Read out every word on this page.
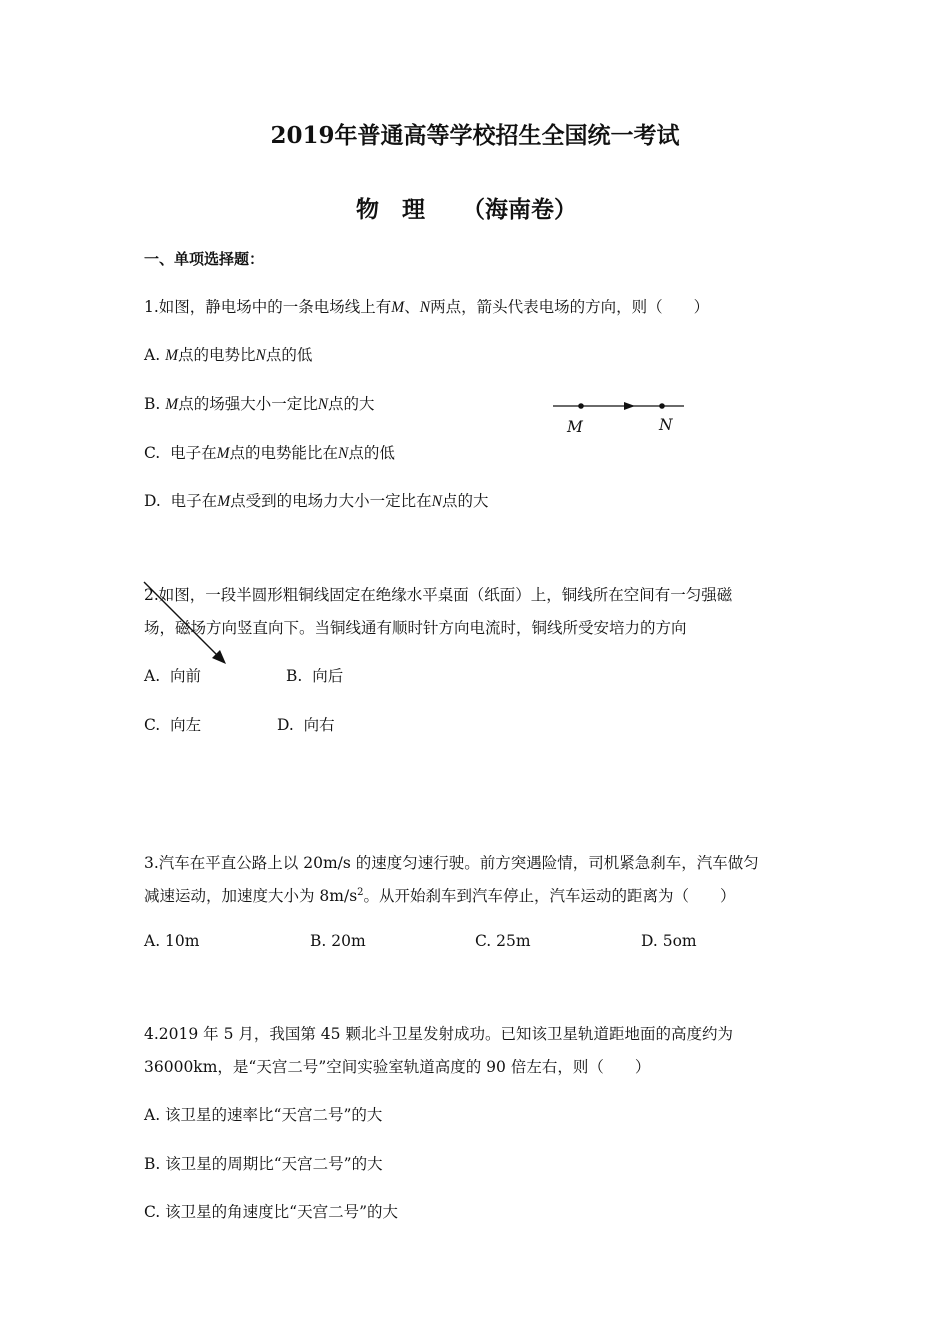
2019年普通高等学校招生全国统一考试
物　理 （海南卷）
一、单项选择题：
1.如图，静电场中的一条电场线上有M、N两点，箭头代表电场的方向，则（　　）
A. M点的电势比N点的低
B. M点的场强大小一定比N点的大
C. 电子在M点的电势能比在N点的低
D. 电子在M点受到的电场力大小一定比在N点的大
M	N
2.如图，一段半圆形粗铜线固定在绝缘水平桌面（纸面）上，铜线所在空间有一匀强磁
场，磁场方向竖直向下。当铜线通有顺时针方向电流时，铜线所受安培力的方向
A. 向前	B. 向后
C. 向左	D. 向右
3.汽车在平直公路上以 20m/s 的速度匀速行驶。前方突遇险情，司机紧急刹车，汽车做匀
减速运动，加速度大小为 $8m/s^2$。从开始刹车到汽车停止，汽车运动的距离为（　　）
A. 10m	B. 20m	C. 25m	D. 5om
4.2019 年 5 月，我国第 45 颗北斗卫星发射成功。已知该卫星轨道距地面的高度约为
36000km，是“天宫二号”空间实验室轨道高度的 90 倍左右，则（　　）
A. 该卫星的速率比“天宫二号”的大
B. 该卫星的周期比“天宫二号”的大
C. 该卫星的角速度比“天宫二号”的大
